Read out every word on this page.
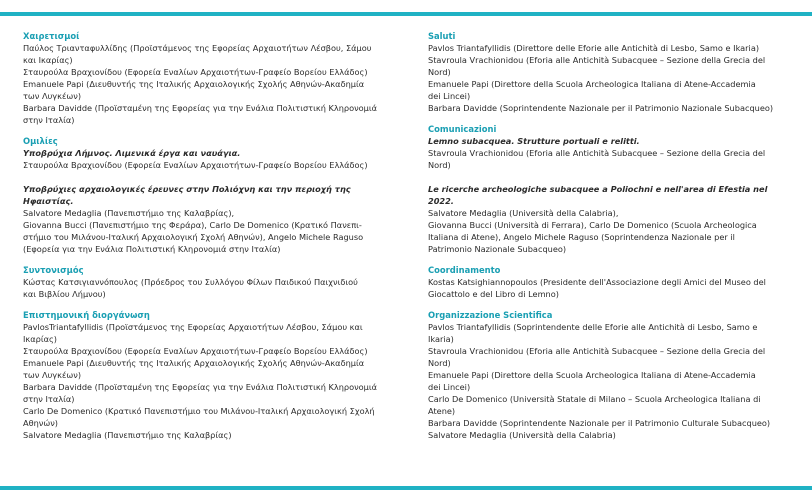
Χαιρετισμοί
Παύλος Τριανταφυλλίδης (Προϊστάμενος της Εφορείας Αρχαιοτήτων Λέσβου, Σάμου
και Ικαρίας)
Σταυρούλα Βραχιονίδου (Εφορεία Εναλίων Αρχαιοτήτων-Γραφείο Βορείου Ελλάδος)
Emanuele Papi (Διευθυντής της Ιταλικής Αρχαιολογικής Σχολής Αθηνών-Ακαδημία
των Λυγκέων)
Barbara Davidde (Προϊσταμένη της Εφορείας για την Ενάλια Πολιτιστική Κληρονομιά
στην Ιταλία)
Ομιλίες
Υποβρύχια Λήμνος. Λιμενικά έργα και ναυάγια.
Σταυρούλα Βραχιονίδου (Εφορεία Εναλίων Αρχαιοτήτων-Γραφείο Βορείου Ελλάδος)
Υποβρύχιες αρχαιολογικές έρευνες στην Πολιόχνη και την περιοχή της Ηφαιστίας.
Salvatore Medaglia (Πανεπιστήμιο της Καλαβρίας),
Giovanna Bucci (Πανεπιστήμιο της Φεράρα), Carlo De Domenico (Κρατικό Πανεπι-
στήμιο του Μιλάνου-Ιταλική Αρχαιολογική Σχολή Αθηνών), Angelo Michele Raguso
(Εφορεία για την Ενάλια Πολιτιστική Κληρονομιά στην Ιταλία)
Συντονισμός
Κώστας Κατσιγιαννόπουλος (Πρόεδρος του Συλλόγου Φίλων Παιδικού Παιχνιδιού
και Βιβλίου Λήμνου)
Επιστημονική διοργάνωση
PavlosTriantafyllidis (Προϊστάμενος της Εφορείας Αρχαιοτήτων Λέσβου, Σάμου και
Ικαρίας)
Σταυρούλα Βραχιονίδου (Εφορεία Εναλίων Αρχαιοτήτων-Γραφείο Βορείου Ελλάδος)
Emanuele Papi (Διευθυντής της Ιταλικής Αρχαιολογικής Σχολής Αθηνών-Ακαδημία
των Λυγκέων)
Barbara Davidde (Προϊσταμένη της Εφορείας για την Ενάλια Πολιτιστική Κληρονομιά
στην Ιταλία)
Carlo De Domenico (Κρατικό Πανεπιστήμιο του Μιλάνου-Ιταλική Αρχαιολογική Σχολή
Αθηνών)
Salvatore Medaglia (Πανεπιστήμιο της Καλαβρίας)
Saluti
Pavlos Triantafyllidis (Direttore delle Eforie alle Antichità di Lesbo, Samo e Ikaria)
Stavroula Vrachionidou (Eforia alle Antichità Subacquee – Sezione della Grecia del
Nord)
Emanuele Papi (Direttore della Scuola Archeologica Italiana di Atene-Accademia
dei Lincei)
Barbara Davidde (Soprintendente Nazionale per il Patrimonio Nazionale Subacqueo)
Comunicazioni
Lemno subacquea. Strutture portuali e relitti.
Stavroula Vrachionidou (Eforia alle Antichità Subacquee – Sezione della Grecia del
Nord)
Le ricerche archeologiche subacquee a Poliochni e nell'area di Efestia nel 2022.
Salvatore Medaglia (Università della Calabria),
Giovanna Bucci (Università di Ferrara), Carlo De Domenico (Scuola Archeologica
Italiana di Atene), Angelo Michele Raguso (Soprintendenza Nazionale per il
Patrimonio Nazionale Subacqueo)
Coordinamento
Kostas Katsighiannopoulos (Presidente dell'Associazione degli Amici del Museo del
Giocattolo e del Libro di Lemno)
Organizzazione Scientifica
Pavlos Triantafyllidis (Soprintendente delle Eforie alle Antichità di Lesbo, Samo e
Ikaria)
Stavroula Vrachionidou (Eforia alle Antichità Subacquee – Sezione della Grecia del
Nord)
Emanuele Papi (Direttore della Scuola Archeologica Italiana di Atene-Accademia
dei Lincei)
Carlo De Domenico (Università Statale di Milano – Scuola Archeologica Italiana di
Atene)
Barbara Davidde (Soprintendente Nazionale per il Patrimonio Culturale Subacqueo)
Salvatore Medaglia (Università della Calabria)
